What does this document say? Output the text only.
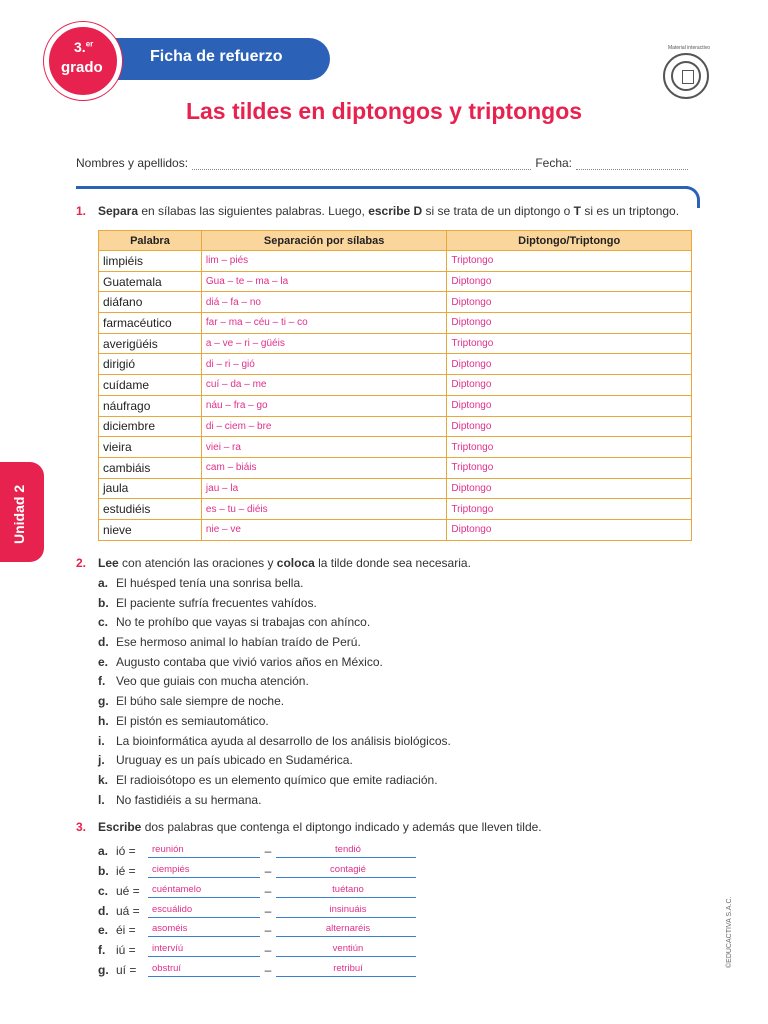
Ficha de refuerzo
3.$^{er}$
grado
Material interactivo
Las tildes en diptongos y triptongos
Nombres y apellidos:	Fecha:
1. Separa en sílabas las siguientes palabras. Luego, escribe D si se trata de un diptongo o T si es un triptongo.
Palabra	Separación por sílabas	Diptongo/Triptongo
limpiéis	lim – piés	Triptongo
Guatemala	Gua – te – ma – la	Diptongo
diáfano	diá – fa – no	Diptongo
farmacéutico	far – ma – céu – ti – co	Diptongo
averigüéis	a – ve – ri – güéis	Triptongo
dirigió	di – ri – gió	Diptongo
cuídame	cuí – da – me	Diptongo
náufrago	náu – fra – go	Diptongo
diciembre	di – ciem – bre	Diptongo
vieira	viei – ra	Triptongo
cambiáis	cam – biáis	Triptongo
jaula	jau – la	Diptongo
estudiéis	es – tu – diéis	Triptongo
nieve	nie – ve	Diptongo
2. Lee con atención las oraciones y coloca la tilde donde sea necesaria.
a. El huésped tenía una sonrisa bella.
b. El paciente sufría frecuentes vahídos.
c. No te prohíbo que vayas si trabajas con ahínco.
d. Ese hermoso animal lo habían traído de Perú.
e. Augusto contaba que vivió varios años en México.
f. Veo que guiais con mucha atención.
g. El búho sale siempre de noche.
h. El pistón es semiautomático.
i. La bioinformática ayuda al desarrollo de los análisis biológicos.
j. Uruguay es un país ubicado en Sudamérica.
k. El radioisótopo es un elemento químico que emite radiación.
l. No fastidiéis a su hermana.
3. Escribe dos palabras que contenga el diptongo indicado y además que lleven tilde.
a. ió =	reunión	–	tendió
b. ié =	ciempiés	–	contagié
c. ué =	cuéntamelo	–	tuétano
d. uá =	escuálido	–	insinuáis
e. éi =	asoméis	–	alternaréis
f. iú =	intervíú	–	ventiún
g. uí =	obstruí	–	retribuí
Unidad 2
©EDUCACTIVA S.A.C.
